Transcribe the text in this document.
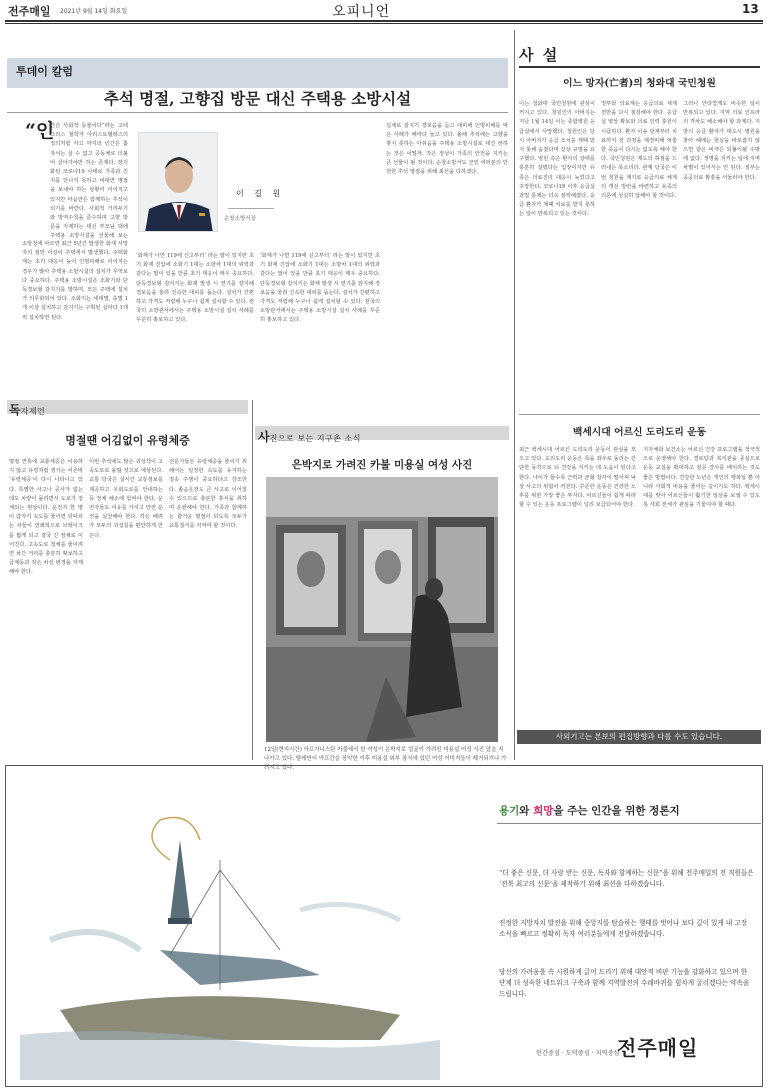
전주매일 2021년 9월 14일 화요일	오피니언	13
투데이 칼럼
추석 명절, 고향집 방문 대신 주택용 소방시설
“인
간은 사회적 동물이다”라는 고대 그리스 철학자 아리스토텔레스의 정의처럼 자고 까지의 인간은 홀자서는 살 수 없고 공동체로 더불어 살아가야만 하는 존재다. 장기화된 코로나19 사태로 가족과 친지를 만나지 못하고 비대면 명절을 보내야 하는 상황이 이어지고 있지만 마음만은 함께하는 추석이 되기를 바란다. 사회적 거리두기와 방역수칙을 준수하며 고향 방문을 자제하는 대신 부모님 댁에 주택용 소방시설을 선물해 보는
소방청에 따르면 최근 5년간 발생한 화재 사망자의 절반 이상이 주택에서 발생했다. 주택화재는 초기 대응이 늦어 인명피해로 이어지는 경우가 많아 주택용 소방시설의 설치가 무엇보다 중요하다. 주택용 소방시설은 소화기와 단독경보형 감지기를 말하며, 모든 주택에 설치가 의무화되어 있다. 소화기는 세대별, 층별 1개 이상 설치하고 감지기는 구획된 실마다 1개씩 설치하면 된다.
이 길 원
순창소방서장
‘화재가 나면 119에 신고부터’ 라는 말이 있지만 초기 화재 진압에 소화기 1대는 소방차 1대의 위력과 같다는 말이 있을 만큼 초기 대응이 매우 중요하다. 단독경보형 감지기는 화재 발생 시 연기를 감지해 경보음을 울려 신속한 대피를 돕는다. 설치가 간편하고 가격도 저렴해 누구나 쉽게 설치할 수 있다. 전국의 소방관서에서는 주택용 소방시설 설치 사례를 꾸준히 홍보하고 있다.
‘화재가 나면 119에 신고부터’ 라는 말이 있지만 초기 화재 진압에 소화기 1대는 소방차 1대의 위력과 같다는 말이 있을 만큼 초기 대응이 매우 중요하다. 단독경보형 감지기는 화재 발생 시 연기를 감지해 경보음을 울려 신속한 대피를 돕는다. 설치가 간편하고 가격도 저렴해 누구나 쉽게 설치할 수 있다. 전국의 소방관서에서는 주택용 소방시설 설치 사례를 꾸준히 홍보하고 있다.
실제로 감지기 경보음을 듣고 대피해 인명피해를 막은 사례가 해마다 늘고 있다. 올해 추석에는 고향을 찾지 못하는 아쉬움을 주택용 소방시설로 대신 전하는 것은 어떨까. 작은 정성이 가족의 안전을 지키는 큰 선물이 될 것이다. 순창소방서도 군민 여러분의 안전한 추석 명절을 위해 최선을 다하겠다.
사 설
이느 망자(亡者)의 청와대 국민청원
이는 청와대 국민청원에 관심이 커지고 있다. 청원인의 아버지는 지난 1월 14일 이는 종합병원 응급실에서 사망했다. 청원인은 당시 아버지가 응급 조치를 제때 받지 못해 숨졌다며 진상 규명을 요구했다. 병원 측은 환자의 상태를 충분히 살폈다는 입장이지만 유족은 의료진의 대응이 늦었다고 주장한다. 코로나19 이후 응급실 과밀 문제는 더욱 심각해졌다. 응급 환자가 제때 치료를 받지 못하는 일이 반복되고 있는 것이다.
정부와 의료계는 응급의료 체계 전반을 다시 점검해야 한다. 응급실 병상 확보와 의료 인력 충원이 시급하다. 환자 이송 단계부터 치료까지 전 과정을 재정비해 억울한 죽음이 다시는 없도록 해야 한다. 국민청원은 제도의 허점을 드러내는 목소리다. 관계 당국은 이번 청원을 계기로 응급의료 체계의 개선 방안을 마련하고 유족의 의문에 성실히 답해야 할 것이다.
그러나 안타깝게도 비슷한 일이 반복되고 있다. 지역 의료 인프라의 격차도 해소해야 할 과제다. 지방의 응급 환자가 대도시 병원을 찾아 헤매는 현실을 바로잡지 않으면 같은 비극은 되풀이될 수밖에 없다. 생명을 지키는 일에 지역 차별이 있어서는 안 된다. 정부는 공공의료 확충을 서둘러야 한다.
백세시대 어르신 도리도리 운동
최근 백세시대 어르신 도리도리 운동이 관심을 모으고 있다. 도리도리 운동은 목을 좌우로 돌리는 간단한 동작으로 뇌 건강을 지키는 데 도움이 된다고 한다. 나이가 들수록 근력과 균형 감각이 떨어져 낙상 사고의 위험이 커진다. 꾸준한 운동은 건강한 노후를 위한 가장 좋은 투자다. 어르신들이 쉽게 따라 할 수 있는 운동 프로그램이 널리 보급되어야 한다.
지자체와 보건소는 어르신 건강 프로그램을 적극적으로 운영해야 한다. 경로당과 복지관을 중심으로 운동 교실을 확대하고 전문 강사를 배치하는 것도 좋은 방법이다. 건강한 노년은 개인의 행복일 뿐 아니라 사회적 비용을 줄이는 길이기도 하다. 백세시대를 맞아 어르신들이 활기찬 일상을 보낼 수 있도록 사회 전체가 관심을 기울여야 할 때다.
사외기고는 본보의 편집방향과 다를 수도 있습니다.
독자제언
명절땐 어김없이 유령체증
명절 연휴에 교통체증은 이용하지 않고 유령처럼 생기는 이른바 ‘유령체증’이 다시 나타나고 있다. 특별한 사고나 공사가 없는데도 차량이 몰리면서 도로가 정체되는 현상이다. 운전자 한 명이 갑자기 속도를 줄이면 뒤따르는 차들이 연쇄적으로 브레이크를 밟게 되고 결국 긴 정체로 이어진다. 고속도로 정체를 줄이려면 차간 거리를 충분히 확보하고 급제동과 잦은 차선 변경을 자제해야 한다.
이번 추석에도 많은 귀성객이 고속도로로 몰릴 것으로 예상된다. 교통 당국은 실시간 교통정보를 제공하고 우회도로를 안내하는 등 정체 해소에 힘써야 한다. 운전자들도 여유를 가지고 안전 운전을 실천해야 한다. 작은 배려가 모두의 귀성길을 편안하게 만든다.
전문가들은 유령체증을 줄이기 위해서는 일정한 속도를 유지하는 정속 주행이 중요하다고 강조한다. 졸음운전도 큰 사고로 이어질 수 있으므로 충분한 휴식을 취하며 운전해야 한다. 가족과 함께하는 즐거운 명절이 되도록 모두가 교통질서를 지켜야 할 것이다.
사진으로 보는 지구촌 소식
은박지로 가려진 카불 미용실 여성 사진
12일(현지시간) 아프가니스탄 카불에서 한 여성이 은박지로 얼굴이 가려진 미용실 여성 사진 앞을 지나가고 있다. 탈레반이 아프간을 장악한 이후 미용실 외부 장식에 있던 여성 이미지들이 제거되거나 가려지고 있다.
용기와 희망을 주는 인간을 위한 정론지
“더 좋은 신문, 더 사랑 받는 신문, 독자와 함께하는 신문”을 위해 전주매일의 전 직원들은 ‘전북 최고의 신문’을 제작하기 위해 최선을 다하겠습니다.
진정한 지방자치 발전을 위해 중앙지를 탐습하는 행태를 벗어나 보다 깊이 있게 내 고장 소식을 빠르고 정확히 독자 여러분들에게 전달하겠습니다.
당신의 가려움을 속 시원하게 긁어 드리기 위해 대안적 비판 기능을 강화하고 있으며 한 단계 더 성숙한 네트워크 구축과 함께 지역발전의 수레바퀴를 힘차게 굴리겠다는 약속을 드립니다.
인간중심 · 도덕중심 · 지역중심
전주매일
